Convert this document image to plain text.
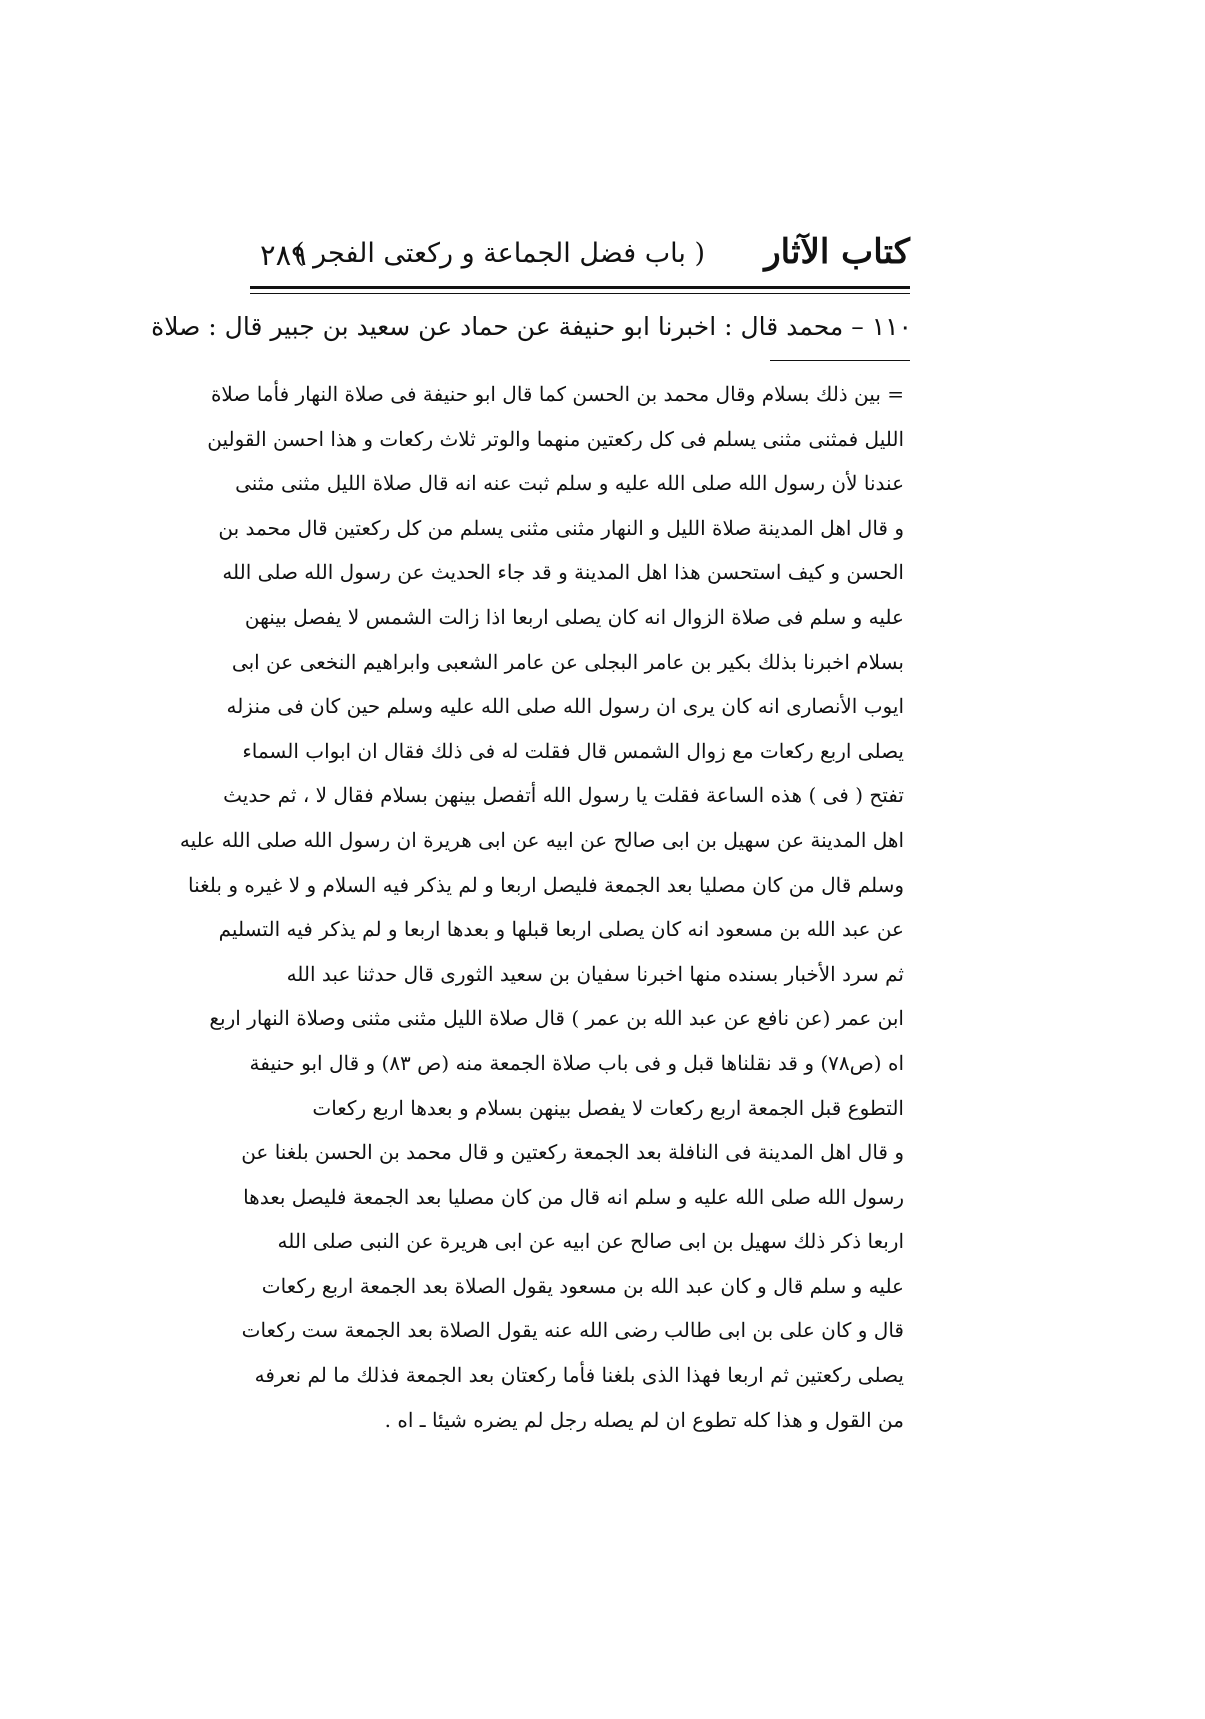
كتاب الآثار
( باب فضل الجماعة و ركعتى الفجر )
٢٨٩
١١٠ – محمد قال : اخبرنا ابو حنيفة عن حماد عن سعيد بن جبير قال : صلاة
= بين ذلك بسلام وقال محمد بن الحسن كما قال ابو حنيفة فى صلاة النهار فأما صلاة
الليل فمثنى مثنى يسلم فى كل ركعتين منهما والوتر ثلاث ركعات و هذا احسن القولين
عندنا لأن رسول الله صلى الله عليه و سلم ثبت عنه انه قال صلاة الليل مثنى مثنى
و قال اهل المدينة صلاة الليل و النهار مثنى مثنى يسلم من كل ركعتين قال محمد بن
الحسن و كيف استحسن هذا اهل المدينة و قد جاء الحديث عن رسول الله صلى الله
عليه و سلم فى صلاة الزوال انه كان يصلى اربعا اذا زالت الشمس لا يفصل بينهن
بسلام اخبرنا بذلك بكير بن عامر البجلى عن عامر الشعبى وابراهيم النخعى عن ابى
ايوب الأنصارى انه كان يرى ان رسول الله صلى الله عليه وسلم حين كان فى منزله
يصلى اربع ركعات مع زوال الشمس قال فقلت له فى ذلك فقال ان ابواب السماء
تفتح ( فى ) هذه الساعة فقلت يا رسول الله أتفصل بينهن بسلام فقال لا ، ثم حديث
اهل المدينة عن سهيل بن ابى صالح عن ابيه عن ابى هريرة ان رسول الله صلى الله عليه
وسلم قال من كان مصليا بعد الجمعة فليصل اربعا و لم يذكر فيه السلام و لا غيره و بلغنا
عن عبد الله بن مسعود انه كان يصلى اربعا قبلها و بعدها اربعا و لم يذكر فيه التسليم
ثم سرد الأخبار بسنده منها اخبرنا سفيان بن سعيد الثورى قال حدثنا عبد الله
ابن عمر (عن نافع عن عبد الله بن عمر ) قال صلاة الليل مثنى مثنى وصلاة النهار اربع
اه (ص٧٨) و قد نقلناها قبل و فى باب صلاة الجمعة منه (ص ٨٣) و قال ابو حنيفة
التطوع قبل الجمعة اربع ركعات لا يفصل بينهن بسلام و بعدها اربع ركعات
و قال اهل المدينة فى النافلة بعد الجمعة ركعتين و قال محمد بن الحسن بلغنا عن
رسول الله صلى الله عليه و سلم انه قال من كان مصليا بعد الجمعة فليصل بعدها
اربعا ذكر ذلك سهيل بن ابى صالح عن ابيه عن ابى هريرة عن النبى صلى الله
عليه و سلم قال و كان عبد الله بن مسعود يقول الصلاة بعد الجمعة اربع ركعات
قال و كان على بن ابى طالب رضى الله عنه يقول الصلاة بعد الجمعة ست ركعات
يصلى ركعتين ثم اربعا فهذا الذى بلغنا فأما ركعتان بعد الجمعة فذلك ما لم نعرفه
من القول و هذا كله تطوع ان لم يصله رجل لم يضره شيئا ـ اه .
